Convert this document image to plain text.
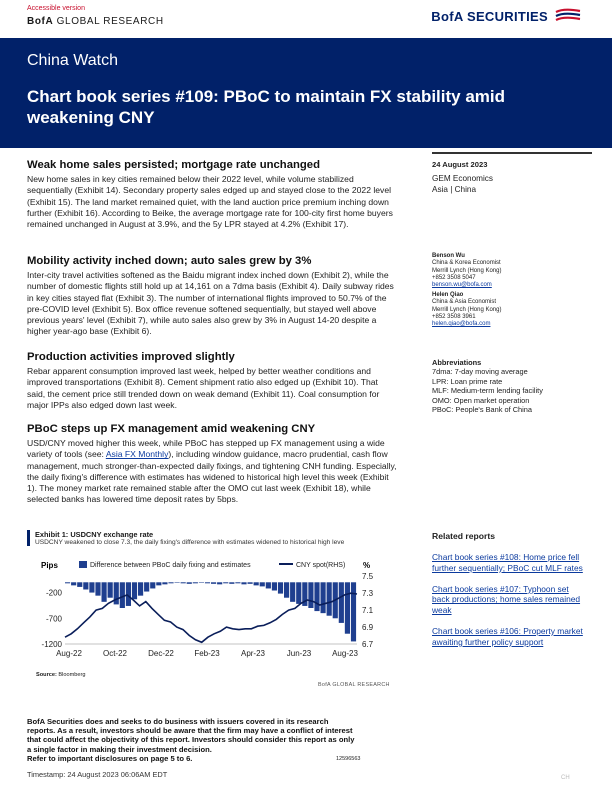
Accessible version
BofA GLOBAL RESEARCH	BofA SECURITIES
China Watch
Chart book series #109: PBoC to maintain FX stability amid weakening CNY
Weak home sales persisted; mortgage rate unchanged
New home sales in key cities remained below their 2022 level, while volume stabilized sequentially (Exhibit 14). Secondary property sales edged up and stayed close to the 2022 level (Exhibit 15). The land market remained quiet, with the land auction price premium inching down further (Exhibit 16). According to Beike, the average mortgage rate for 100-city first home buyers remained unchanged in August at 3.9%, and the 5y LPR stayed at 4.2% (Exhibit 17).
Mobility activity inched down; auto sales grew by 3%
Inter-city travel activities softened as the Baidu migrant index inched down (Exhibit 2), while the number of domestic flights still hold up at 14,161 on a 7dma basis (Exhibit 4). Daily subway rides in key cities stayed flat (Exhibit 3). The number of international flights improved to 50.7% of the pre-COVID level (Exhibit 5). Box office revenue softened sequentially, but stayed well above previous years' level (Exhibit 7), while auto sales also grew by 3% in August 14-20 despite a higher year-ago base (Exhibit 6).
Production activities improved slightly
Rebar apparent consumption improved last week, helped by better weather conditions and improved transportations (Exhibit 8). Cement shipment ratio also edged up (Exhibit 10). That said, the cement price still trended down on weak demand (Exhibit 11). Coal consumption for major IPPs also edged down last week.
PBoC steps up FX management amid weakening CNY
USD/CNY moved higher this week, while PBoC has stepped up FX management using a wide variety of tools (see: Asia FX Monthly), including window guidance, macro prudential, cash flow management, much stronger-than-expected daily fixings, and tightening CNH funding. Especially, the daily fixing's difference with estimates has widened to historical high level this week (Exhibit 1). The money market rate remained stable after the OMO cut last week (Exhibit 18), while selected banks has lowered time deposit rates by 5bps.
24 August 2023
GEM Economics
Asia | China
Benson Wu
China & Korea Economist
Merrill Lynch (Hong Kong)
+852 3508 5047
benson.wu@bofa.com
Helen Qiao
China & Asia Economist
Merrill Lynch (Hong Kong)
+852 3508 3961
helen.qiao@bofa.com
Abbreviations
7dma: 7-day moving average
LPR: Loan prime rate
MLF: Medium-term lending facility
OMO: Open market operation
PBoC: People's Bank of China
Related reports
Chart book series #108: Home price fell further sequentially; PBoC cut MLF rates
Chart book series #107: Typhoon set back productions; home sales remained weak
Chart book series #106: Property market awaiting further policy support
Exhibit 1: USDCNY exchange rate
USDCNY weakened to close 7.3, the daily fixing's difference with estimates widened to historical high leve
Pips	%
Difference between PBoC daily fixing and estimates	CNY spot(RHS)
-200
-700
-1200
7.5
7.3
7.1
6.9
6.7
Aug-22	Oct-22	Dec-22	Feb-23	Apr-23	Jun-23	Aug-23
Source: Bloomberg
BofA GLOBAL RESEARCH
BofA Securities does and seeks to do business with issuers covered in its research reports. As a result, investors should be aware that the firm may have a conflict of interest that could affect the objectivity of this report. Investors should consider this report as only a single factor in making their investment decision.
Refer to important disclosures on page 5 to 6.	12596563
Timestamp: 24 August 2023 06:06AM EDT	CH
